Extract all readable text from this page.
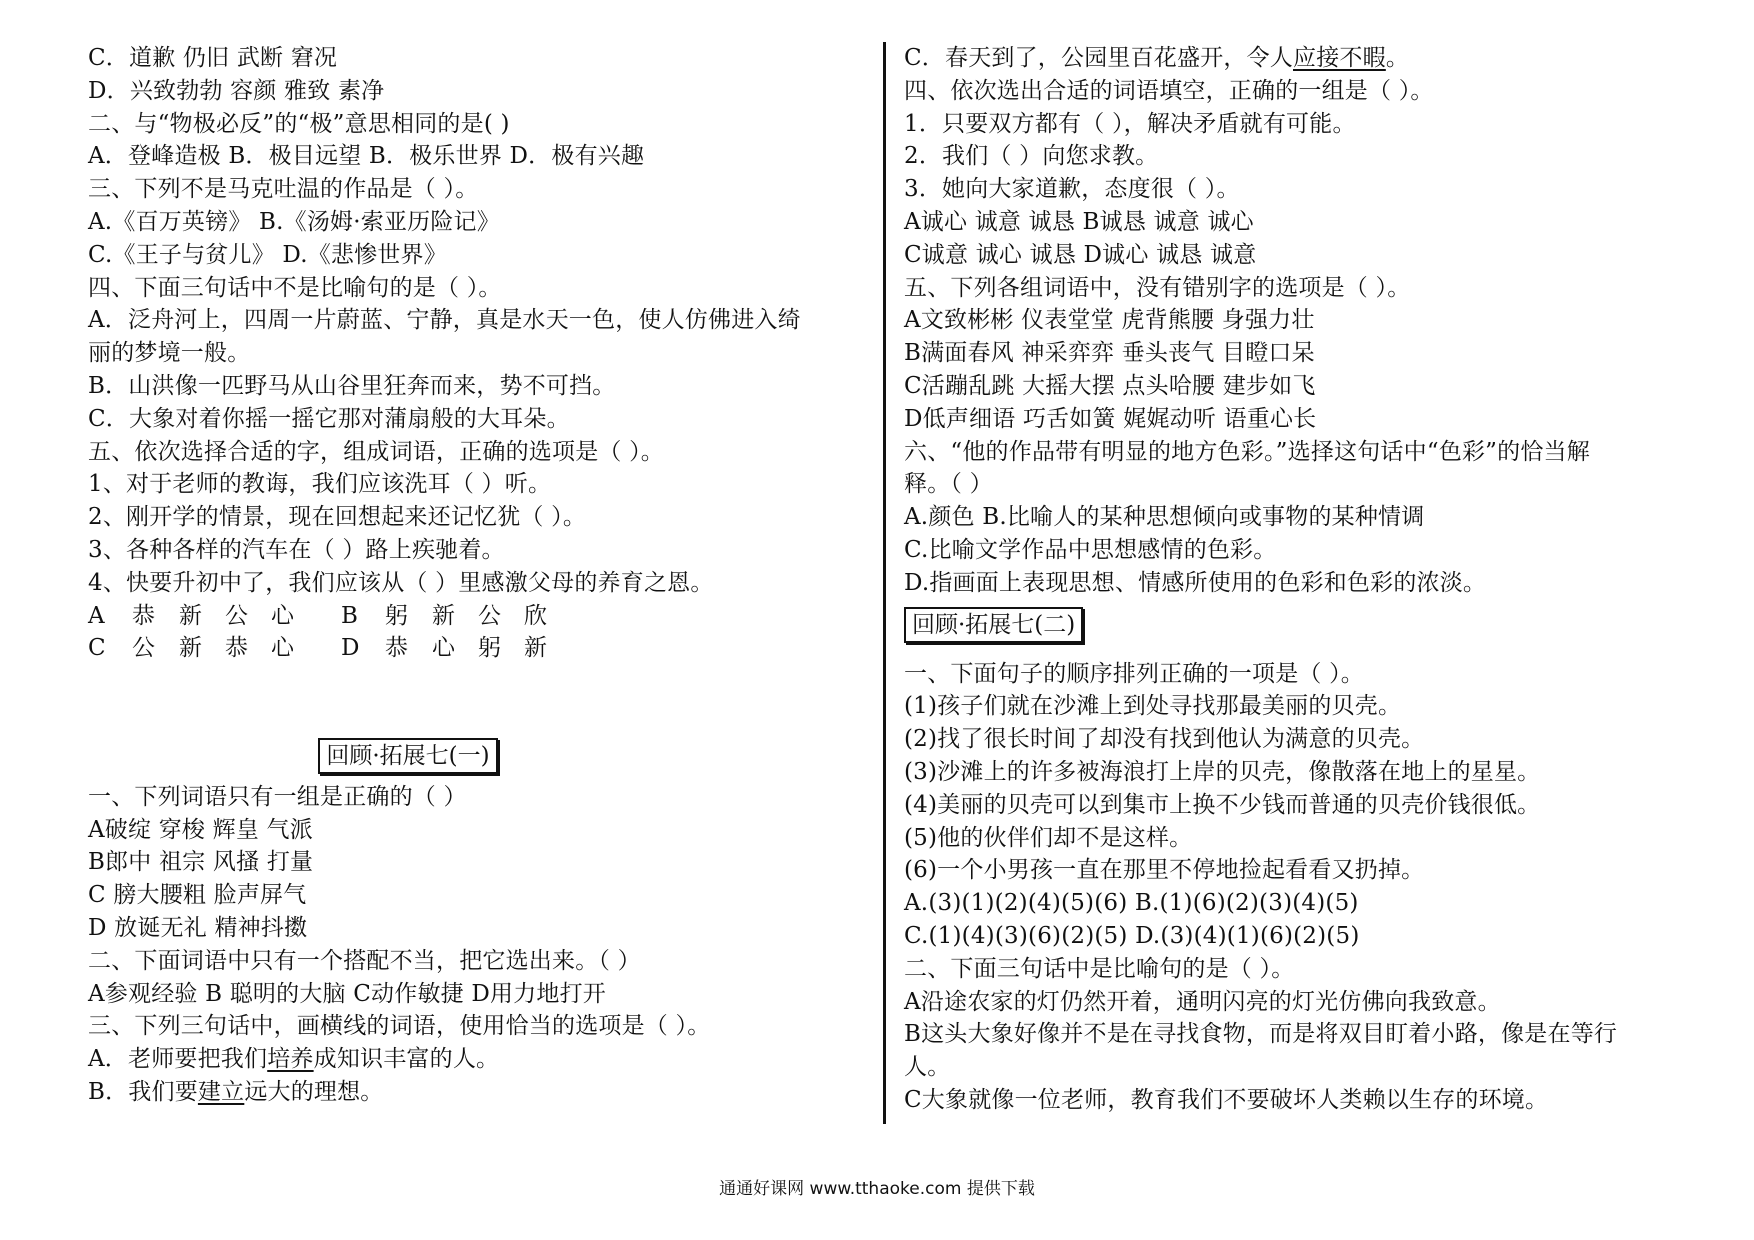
C．道歉 仍旧 武断 窘况
D．兴致勃勃 容颜 雅致 素净
二、与“物极必反”的“极”意思相同的是( )
A．登峰造极 B．极目远望 B．极乐世界 D．极有兴趣
三、下列不是马克吐温的作品是（ ）。
A.《百万英镑》 B.《汤姆·索亚历险记》
C.《王子与贫儿》 D.《悲惨世界》
四、下面三句话中不是比喻句的是（ ）。
A．泛舟河上，四周一片蔚蓝、宁静，真是水天一色，使人仿佛进入绮
丽的梦境一般。
B．山洪像一匹野马从山谷里狂奔而来，势不可挡。
C．大象对着你摇一摇它那对蒲扇般的大耳朵。
五、依次选择合适的字，组成词语，正确的选项是（ ）。
1、对于老师的教诲，我们应该洗耳（ ）听。
2、刚开学的情景，现在回想起来还记忆犹（ ）。
3、各种各样的汽车在（ ）路上疾驰着。
4、快要升初中了，我们应该从（ ）里感激父母的养育之恩。
A 恭 新 公 心 B 躬 新 公 欣
C 公 新 恭 心 D 恭 心 躬 新
回顾·拓展七(一)
一、下列词语只有一组是正确的（ ）
A破绽 穿梭 辉皇 气派
B郎中 祖宗 风搔 打量
C 膀大腰粗 脸声屏气
D 放诞无礼 精神抖擞
二、下面词语中只有一个搭配不当，把它选出来。（ ）
A参观经验 B 聪明的大脑 C动作敏捷 D用力地打开
三、下列三句话中，画横线的词语，使用恰当的选项是（ ）。
A．老师要把我们培养成知识丰富的人。
B．我们要建立远大的理想。
C．春天到了，公园里百花盛开，令人应接不暇。
四、依次选出合适的词语填空，正确的一组是（ ）。
1．只要双方都有（ ），解决矛盾就有可能。
2．我们（ ）向您求教。
3．她向大家道歉，态度很（ ）。
A诚心 诚意 诚恳 B诚恳 诚意 诚心
C诚意 诚心 诚恳 D诚心 诚恳 诚意
五、下列各组词语中，没有错别字的选项是（ ）。
A文致彬彬 仪表堂堂 虎背熊腰 身强力壮
B满面春风 神采弈弈 垂头丧气 目瞪口呆
C活蹦乱跳 大摇大摆 点头哈腰 建步如飞
D低声细语 巧舌如簧 娓娓动听 语重心长
六、“他的作品带有明显的地方色彩。”选择这句话中“色彩”的恰当解
释。（ ）
A.颜色 B.比喻人的某种思想倾向或事物的某种情调
C.比喻文学作品中思想感情的色彩。
D.指画面上表现思想、情感所使用的色彩和色彩的浓淡。
回顾·拓展七(二)
一、下面句子的顺序排列正确的一项是（ ）。
(1)孩子们就在沙滩上到处寻找那最美丽的贝壳。
(2)找了很长时间了却没有找到他认为满意的贝壳。
(3)沙滩上的许多被海浪打上岸的贝壳，像散落在地上的星星。
(4)美丽的贝壳可以到集市上换不少钱而普通的贝壳价钱很低。
(5)他的伙伴们却不是这样。
(6)一个小男孩一直在那里不停地捡起看看又扔掉。
A.(3)(1)(2)(4)(5)(6) B.(1)(6)(2)(3)(4)(5)
C.(1)(4)(3)(6)(2)(5) D.(3)(4)(1)(6)(2)(5)
二、下面三句话中是比喻句的是（ ）。
A沿途农家的灯仍然开着，通明闪亮的灯光仿佛向我致意。
B这头大象好像并不是在寻找食物，而是将双目盯着小路，像是在等行
人。
C大象就像一位老师，教育我们不要破坏人类赖以生存的环境。
通通好课网 www.tthaoke.com 提供下载
